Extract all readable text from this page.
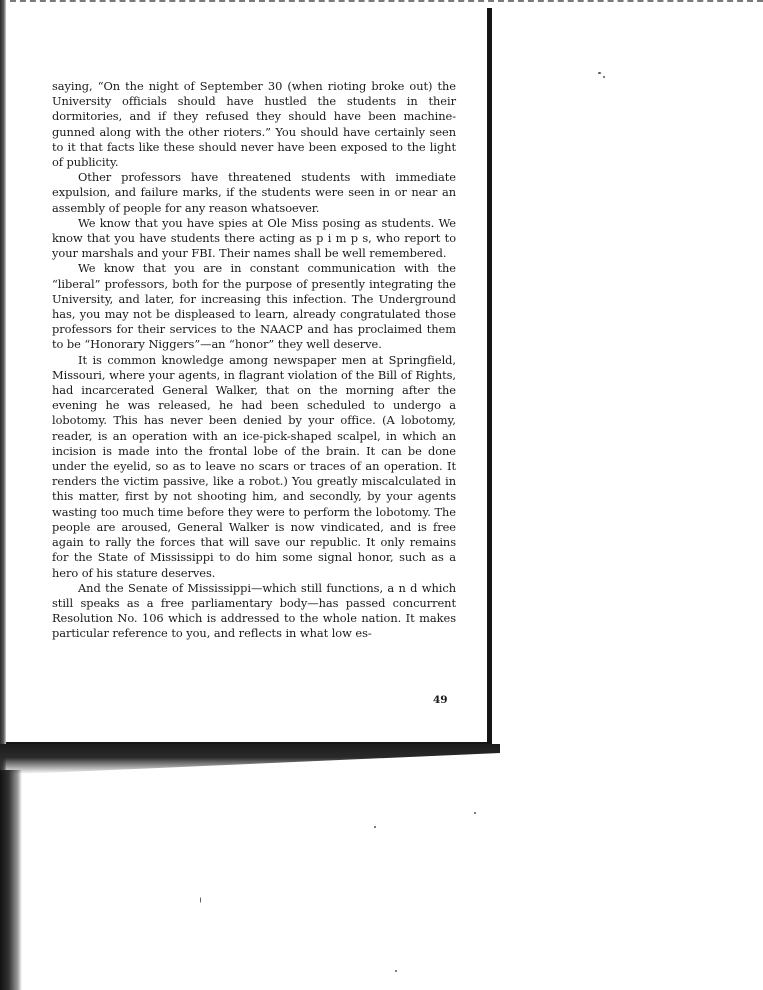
saying, “On the night of September 30 (when rioting broke out) the University officials should have hustled the students in their dormitories, and if they refused they should have been machine-gunned along with the other rioters.” You should have certainly seen to it that facts like these should never have been exposed to the light of publicity.

Other professors have threatened students with immediate expulsion, and failure marks, if the students were seen in or near an assembly of people for any reason whatsoever.

We know that you have spies at Ole Miss posing as students. We know that you have students there acting as p i m p s, who report to your marshals and your FBI. Their names shall be well remembered.

We know that you are in constant communication with the “liberal” professors, both for the purpose of presently integrating the University, and later, for increasing this infection. The Underground has, you may not be displeased to learn, already congratulated those professors for their services to the NAACP and has proclaimed them to be “Honorary Niggers”—an “honor” they well deserve.

It is common knowledge among newspaper men at Springfield, Missouri, where your agents, in flagrant violation of the Bill of Rights, had incarcerated General Walker, that on the morning after the evening he was released, he had been scheduled to undergo a lobotomy. This has never been denied by your office. (A lobotomy, reader, is an operation with an ice-pick-shaped scalpel, in which an incision is made into the frontal lobe of the brain. It can be done under the eyelid, so as to leave no scars or traces of an operation. It renders the victim passive, like a robot.) You greatly miscalculated in this matter, first by not shooting him, and secondly, by your agents wasting too much time before they were to perform the lobotomy. The people are aroused, General Walker is now vindicated, and is free again to rally the forces that will save our republic. It only remains for the State of Mississippi to do him some signal honor, such as a hero of his stature deserves.

And the Senate of Mississippi—which still functions, a n d which still speaks as a free parliamentary body—has passed concurrent Resolution No. 106 which is addressed to the whole nation. It makes particular reference to you, and reflects in what low es-

49
